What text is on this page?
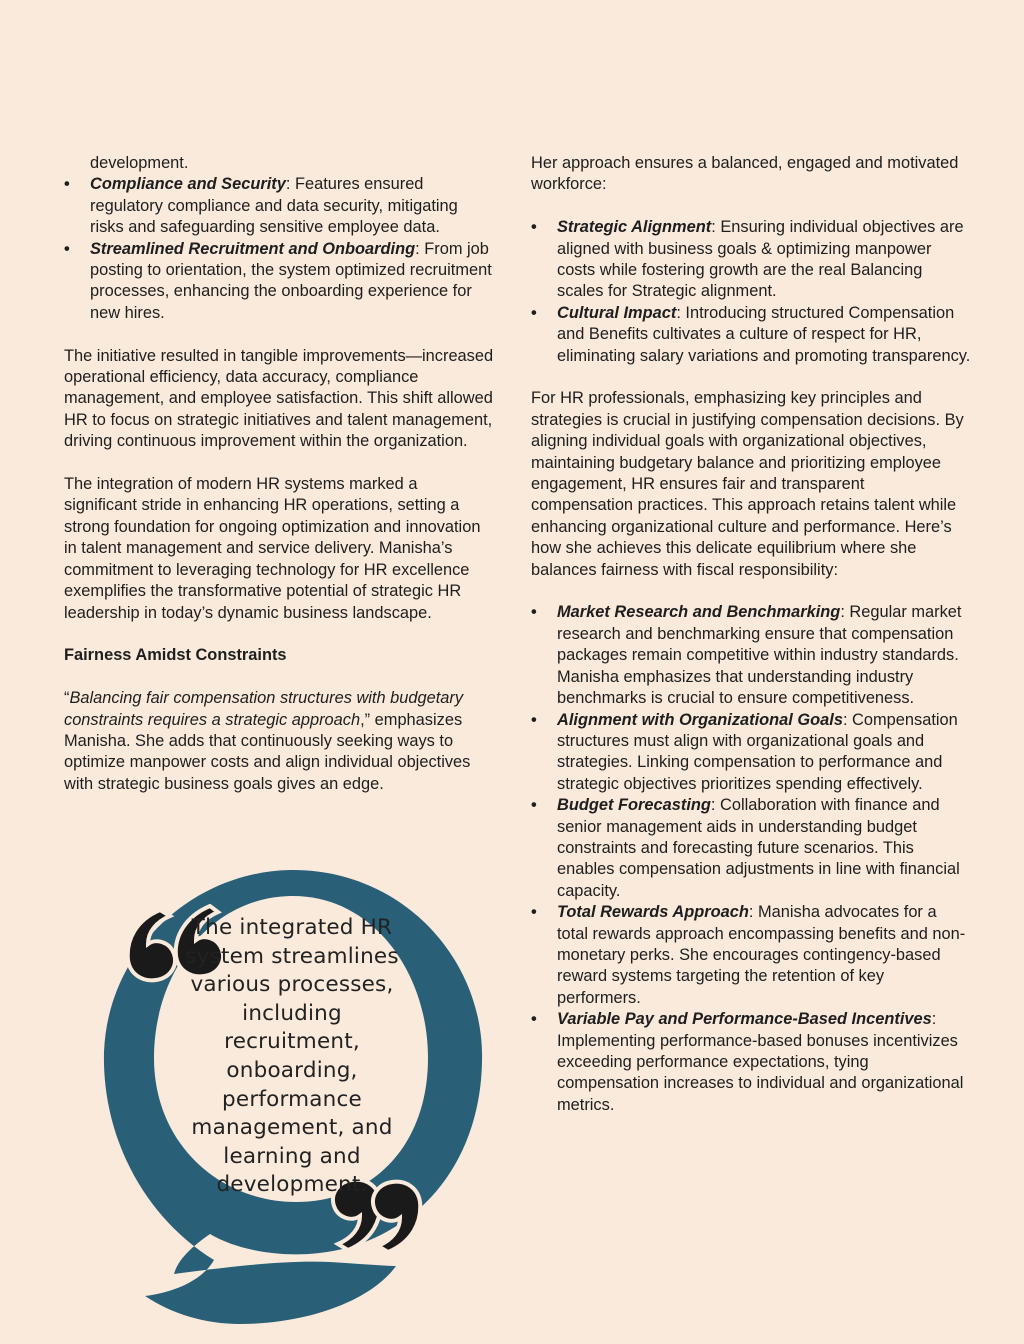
development.

•	Compliance and Security: Features ensured regulatory compliance and data security, mitigating risks and safeguarding sensitive employee data.
•	Streamlined Recruitment and Onboarding: From job posting to orientation, the system optimized recruitment processes, enhancing the onboarding experience for new hires.

The initiative resulted in tangible improvements—increased operational efficiency, data accuracy, compliance management, and employee satisfaction. This shift allowed HR to focus on strategic initiatives and talent management, driving continuous improvement within the organization.

The integration of modern HR systems marked a significant stride in enhancing HR operations, setting a strong foundation for ongoing optimization and innovation in talent management and service delivery. Manisha’s commitment to leveraging technology for HR excellence exemplifies the transformative potential of strategic HR leadership in today’s dynamic business landscape.

Fairness Amidst Constraints

“Balancing fair compensation structures with budgetary constraints requires a strategic approach,” emphasizes Manisha. She adds that continuously seeking ways to optimize manpower costs and align individual objectives with strategic business goals gives an edge.

The integrated HR system streamlines various processes, including recruitment, onboarding, performance management, and learning and development.

Her approach ensures a balanced, engaged and motivated workforce:

•	Strategic Alignment: Ensuring individual objectives are aligned with business goals & optimizing manpower costs while fostering growth are the real Balancing scales for Strategic alignment.
•	Cultural Impact: Introducing structured Compensation and Benefits cultivates a culture of respect for HR, eliminating salary variations and promoting transparency.

For HR professionals, emphasizing key principles and strategies is crucial in justifying compensation decisions. By aligning individual goals with organizational objectives, maintaining budgetary balance and prioritizing employee engagement, HR ensures fair and transparent compensation practices. This approach retains talent while enhancing organizational culture and performance. Here’s how she achieves this delicate equilibrium where she balances fairness with fiscal responsibility:

•	Market Research and Benchmarking: Regular market research and benchmarking ensure that compensation packages remain competitive within industry standards. Manisha emphasizes that understanding industry benchmarks is crucial to ensure competitiveness.
•	Alignment with Organizational Goals: Compensation structures must align with organizational goals and strategies. Linking compensation to performance and strategic objectives prioritizes spending effectively.
•	Budget Forecasting: Collaboration with finance and senior management aids in understanding budget constraints and forecasting future scenarios. This enables compensation adjustments in line with financial capacity.
•	Total Rewards Approach: Manisha advocates for a total rewards approach encompassing benefits and non-monetary perks. She encourages contingency-based reward systems targeting the retention of key performers.
•	Variable Pay and Performance-Based Incentives: Implementing performance-based bonuses incentivizes exceeding performance expectations, tying compensation increases to individual and organizational metrics.
